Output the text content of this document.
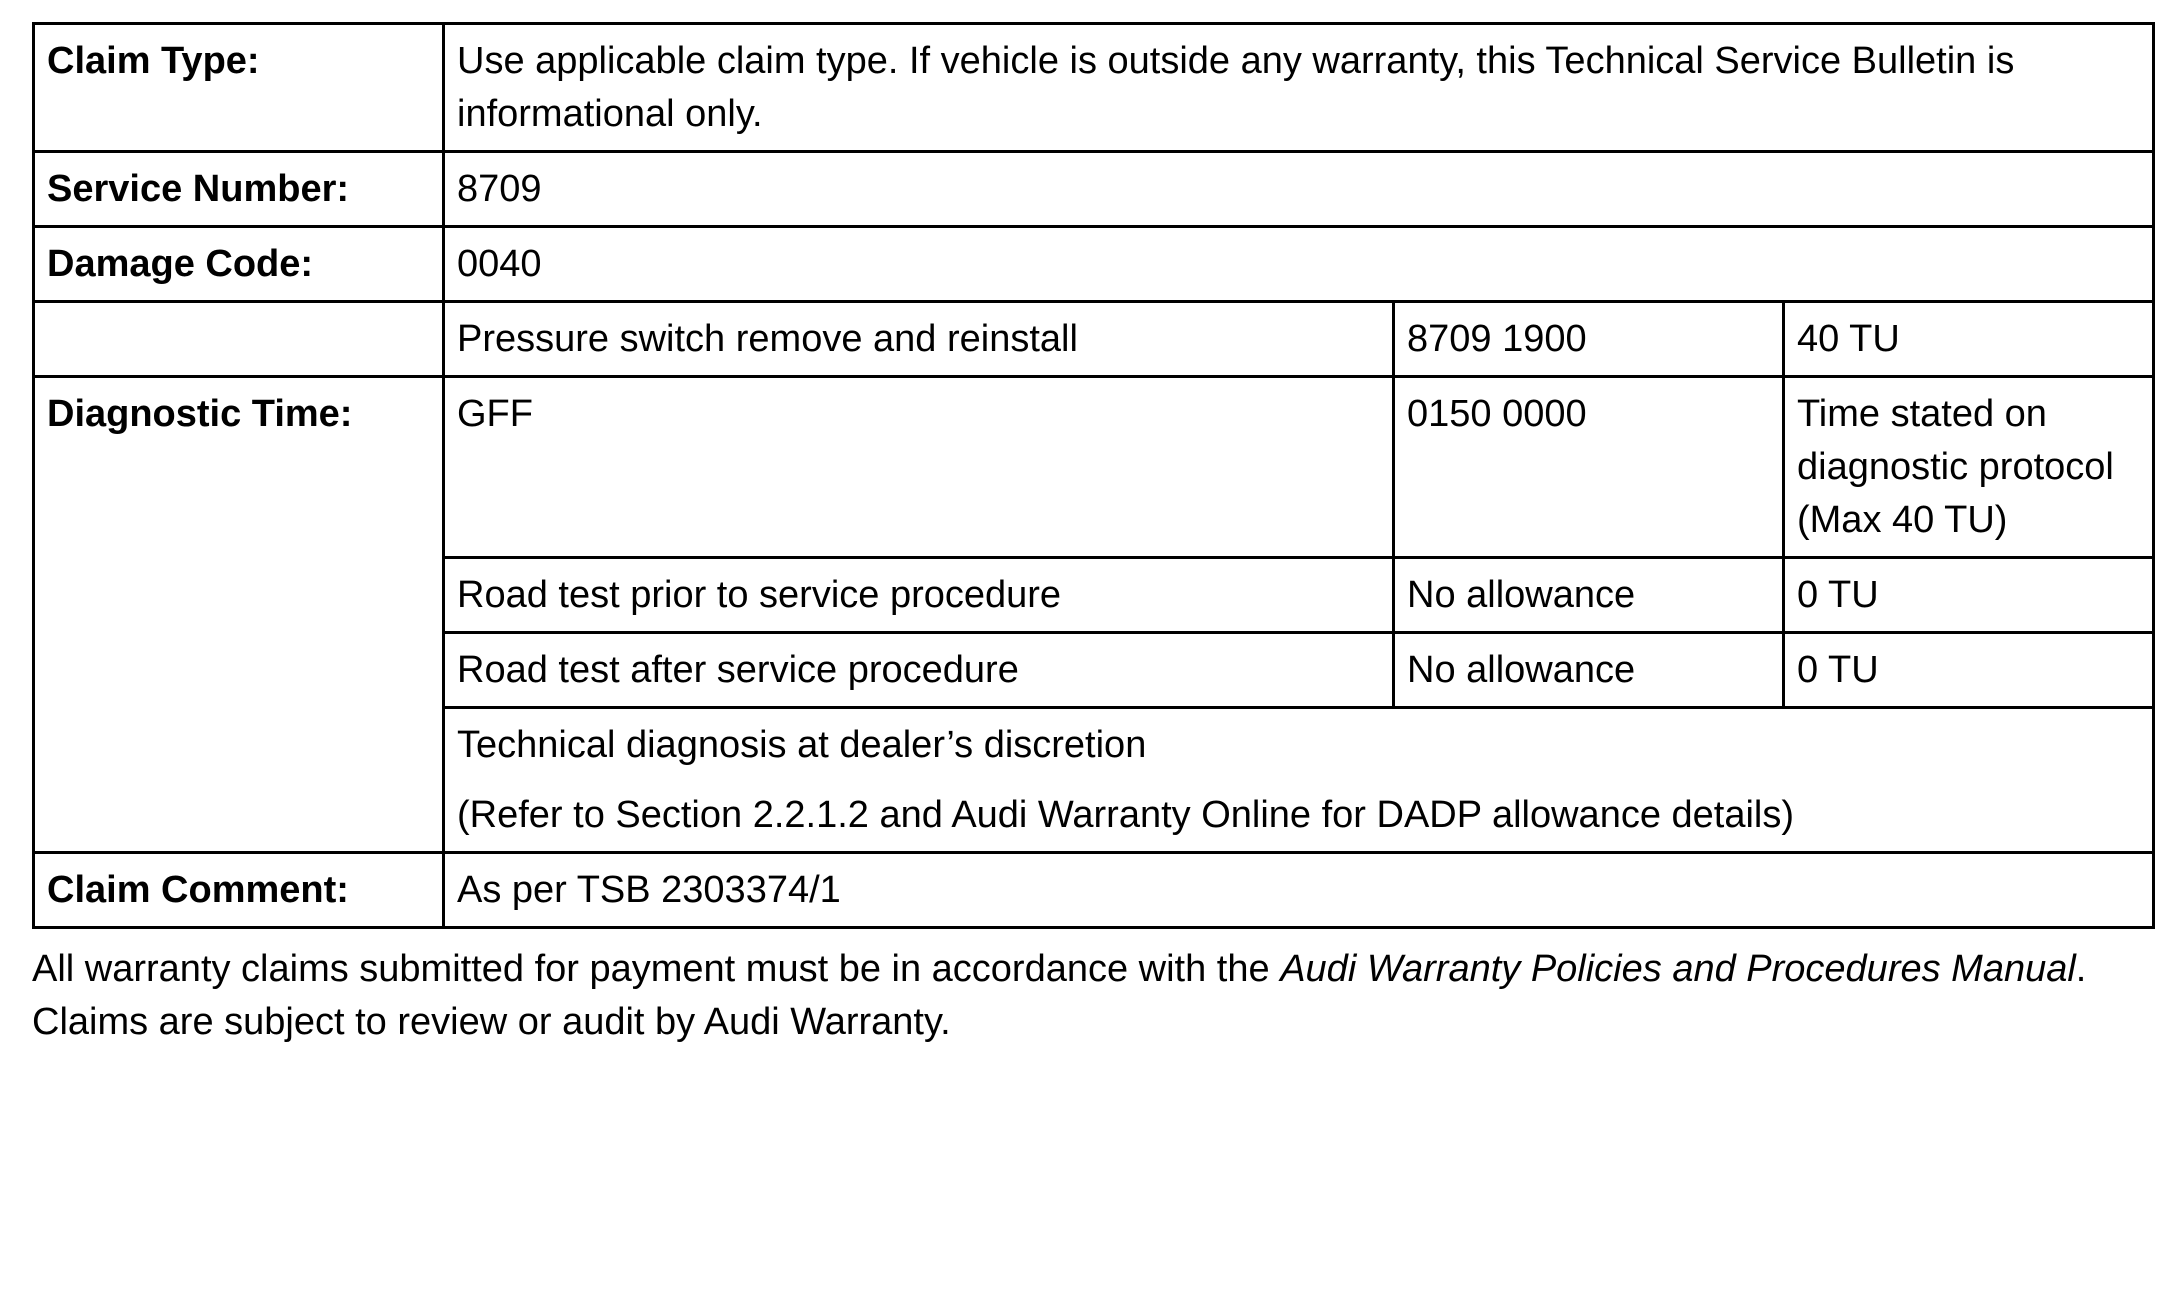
Claim Type:	Use applicable claim type. If vehicle is outside any warranty, this Technical Service Bulletin is informational only.		
Service Number:	8709		
Damage Code:	0040		
	Pressure switch remove and reinstall	8709 1900	40 TU
Diagnostic Time:	GFF	0150 0000	Time stated on diagnostic protocol (Max 40 TU)
	Road test prior to service procedure	No allowance	0 TU
	Road test after service procedure	No allowance	0 TU

	Technical diagnosis at dealer’s discretion

(Refer to Section 2.2.1.2 and Audi Warranty Online for DADP allowance details)		

Claim Comment:	As per TSB 2303374/1		
All warranty claims submitted for payment must be in accordance with the Audi Warranty Policies and Procedures Manual. Claims are subject to review or audit by Audi Warranty.
